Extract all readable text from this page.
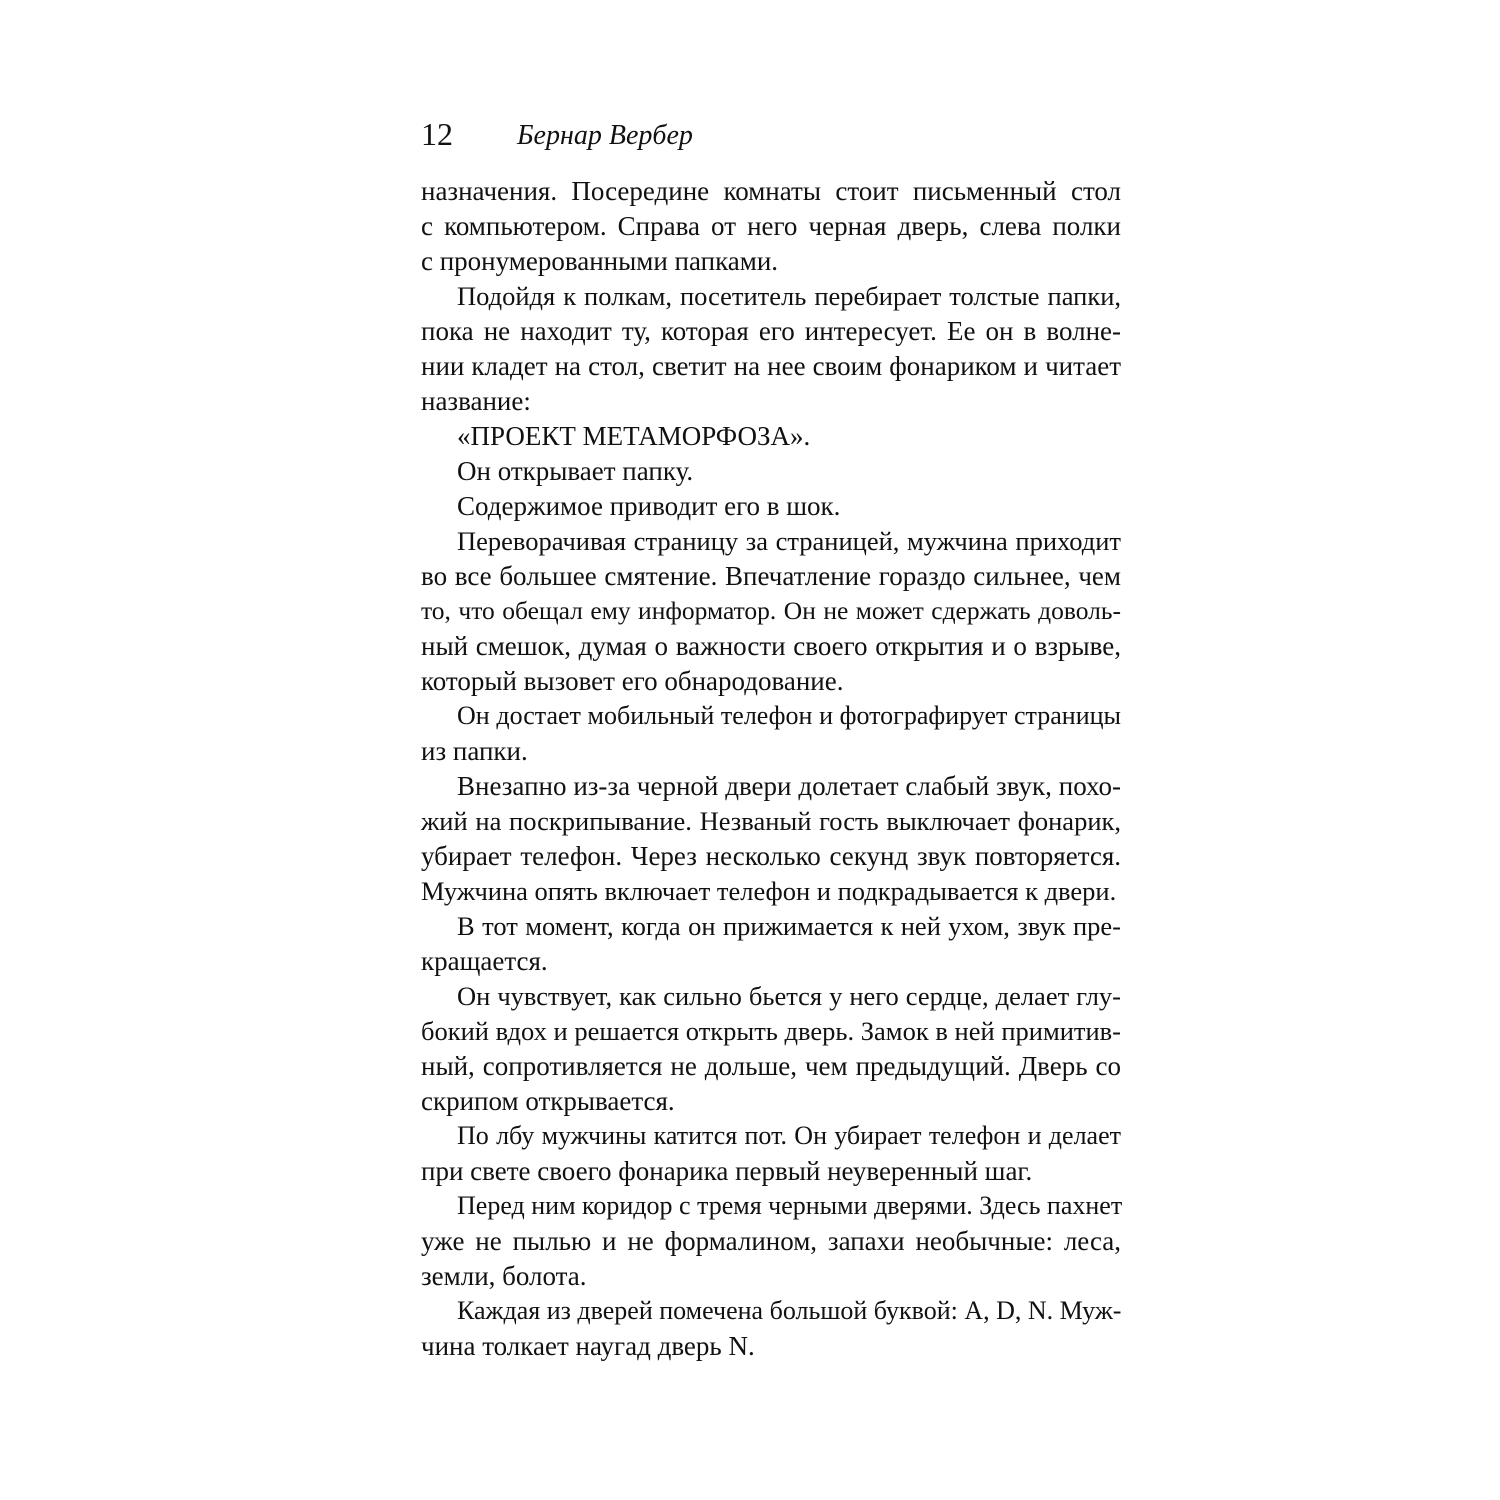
12 Бернар Вербер
назначения. Посередине комнаты стоит письменный стол
с компьютером. Справа от него черная дверь, слева полки
с пронумерованными папками.
Подойдя к полкам, посетитель перебирает толстые папки,
пока не находит ту, которая его интересует. Ее он в волне-
нии кладет на стол, светит на нее своим фонариком и читает
название:
«ПРОЕКТ МЕТАМОРФОЗА».
Он открывает папку.
Содержимое приводит его в шок.
Переворачивая страницу за страницей, мужчина приходит
во все большее смятение. Впечатление гораздо сильнее, чем
то, что обещал ему информатор. Он не может сдержать доволь-
ный смешок, думая о важности своего открытия и о взрыве,
который вызовет его обнародование.
Он достает мобильный телефон и фотографирует страницы
из папки.
Внезапно из-за черной двери долетает слабый звук, похо-
жий на поскрипывание. Незваный гость выключает фонарик,
убирает телефон. Через несколько секунд звук повторяется.
Мужчина опять включает телефон и подкрадывается к двери.
В тот момент, когда он прижимается к ней ухом, звук пре-
кращается.
Он чувствует, как сильно бьется у него сердце, делает глу-
бокий вдох и решается открыть дверь. Замок в ней примитив-
ный, сопротивляется не дольше, чем предыдущий. Дверь со
скрипом открывается.
По лбу мужчины катится пот. Он убирает телефон и делает
при свете своего фонарика первый неуверенный шаг.
Перед ним коридор с тремя черными дверями. Здесь пахнет
уже не пылью и не формалином, запахи необычные: леса,
земли, болота.
Каждая из дверей помечена большой буквой: A, D, N. Муж-
чина толкает наугад дверь N.
